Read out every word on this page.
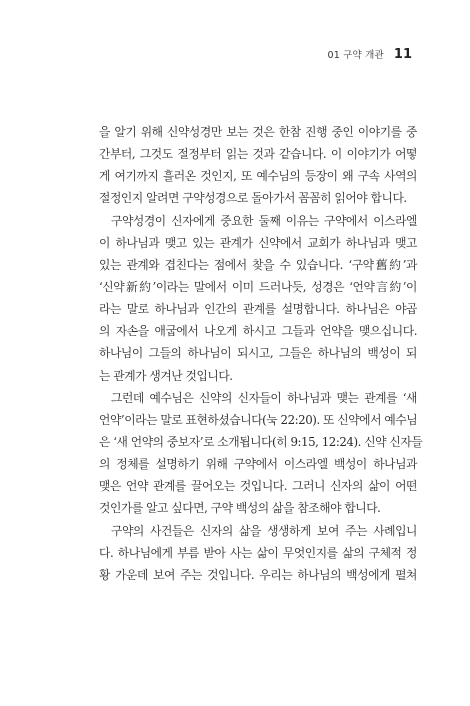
01 구약 개관 11
을 알기 위해 신약성경만 보는 것은 한참 진행 중인 이야기를 중
간부터, 그것도 절정부터 읽는 것과 같습니다. 이 이야기가 어떻
게 여기까지 흘러온 것인지, 또 예수님의 등장이 왜 구속 사역의
절정인지 알려면 구약성경으로 돌아가서 꼼꼼히 읽어야 합니다.
구약성경이 신자에게 중요한 둘째 이유는 구약에서 이스라엘
이 하나님과 맺고 있는 관계가 신약에서 교회가 하나님과 맺고
있는 관계와 겹친다는 점에서 찾을 수 있습니다. ‘구약舊約’과
‘신약新約’이라는 말에서 이미 드러나듯, 성경은 ‘언약言約’이
라는 말로 하나님과 인간의 관계를 설명합니다. 하나님은 야곱
의 자손을 애굽에서 나오게 하시고 그들과 언약을 맺으십니다.
하나님이 그들의 하나님이 되시고, 그들은 하나님의 백성이 되
는 관계가 생겨난 것입니다.
그런데 예수님은 신약의 신자들이 하나님과 맺는 관계를 ‘새
언약’이라는 말로 표현하셨습니다(눅 22:20). 또 신약에서 예수님
은 ‘새 언약의 중보자’로 소개됩니다(히 9:15, 12:24). 신약 신자들
의 정체를 설명하기 위해 구약에서 이스라엘 백성이 하나님과
맺은 언약 관계를 끌어오는 것입니다. 그러니 신자의 삶이 어떤
것인가를 알고 싶다면, 구약 백성의 삶을 참조해야 합니다.
구약의 사건들은 신자의 삶을 생생하게 보여 주는 사례입니
다. 하나님에게 부름 받아 사는 삶이 무엇인지를 삶의 구체적 정
황 가운데 보여 주는 것입니다. 우리는 하나님의 백성에게 펼쳐
